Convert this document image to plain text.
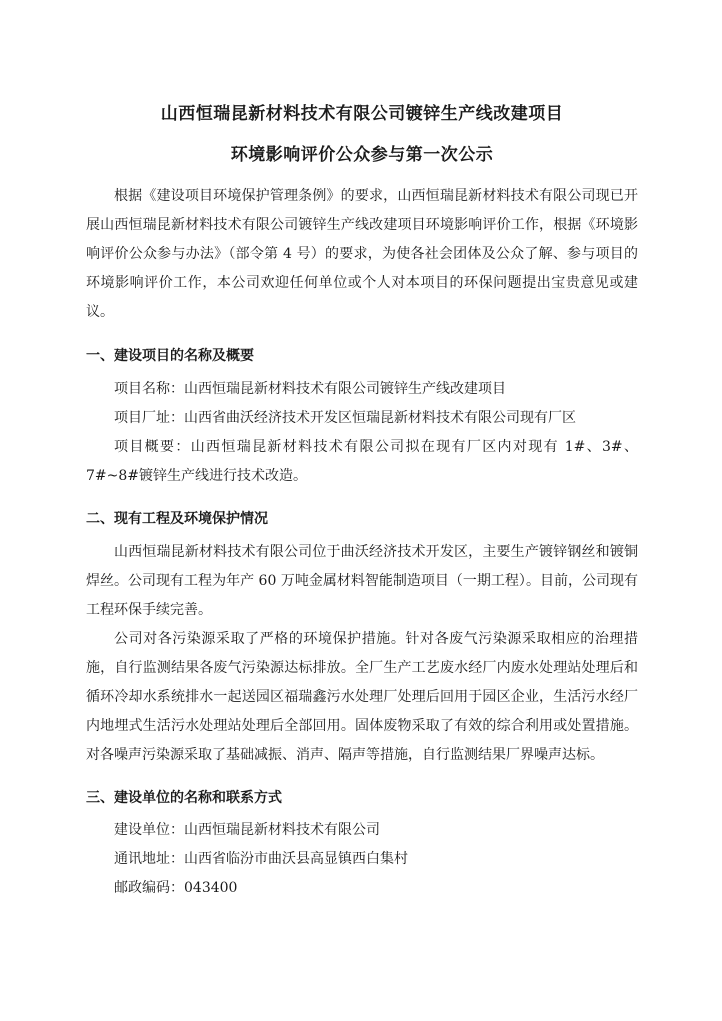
山西恒瑞昆新材料技术有限公司镀锌生产线改建项目
环境影响评价公众参与第一次公示

根据《建设项目环境保护管理条例》的要求，山西恒瑞昆新材料技术有限公司现已开展山西恒瑞昆新材料技术有限公司镀锌生产线改建项目环境影响评价工作，根据《环境影响评价公众参与办法》（部令第 4 号）的要求，为使各社会团体及公众了解、参与项目的环境影响评价工作，本公司欢迎任何单位或个人对本项目的环保问题提出宝贵意见或建议。

一、建设项目的名称及概要

项目名称：山西恒瑞昆新材料技术有限公司镀锌生产线改建项目

项目厂址：山西省曲沃经济技术开发区恒瑞昆新材料技术有限公司现有厂区

项目概要：山西恒瑞昆新材料技术有限公司拟在现有厂区内对现有 1#、3#、7#~8#镀锌生产线进行技术改造。

二、现有工程及环境保护情况

山西恒瑞昆新材料技术有限公司位于曲沃经济技术开发区，主要生产镀锌钢丝和镀铜焊丝。公司现有工程为年产 60 万吨金属材料智能制造项目（一期工程）。目前，公司现有工程环保手续完善。

公司对各污染源采取了严格的环境保护措施。针对各废气污染源采取相应的治理措施，自行监测结果各废气污染源达标排放。全厂生产工艺废水经厂内废水处理站处理后和循环冷却水系统排水一起送园区福瑞鑫污水处理厂处理后回用于园区企业，生活污水经厂内地埋式生活污水处理站处理后全部回用。固体废物采取了有效的综合利用或处置措施。对各噪声污染源采取了基础减振、消声、隔声等措施，自行监测结果厂界噪声达标。

三、建设单位的名称和联系方式

建设单位：山西恒瑞昆新材料技术有限公司

通讯地址：山西省临汾市曲沃县高显镇西白集村

邮政编码：043400
